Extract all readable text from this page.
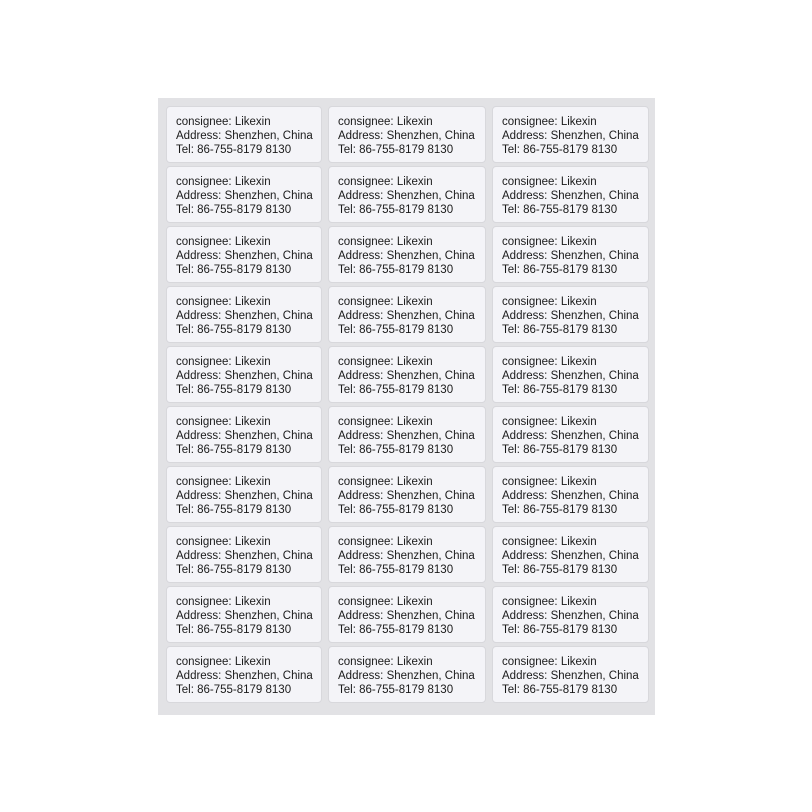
consignee: Likexin
Address: Shenzhen, China
Tel: 86-755-8179 8130
consignee: Likexin
Address: Shenzhen, China
Tel: 86-755-8179 8130
consignee: Likexin
Address: Shenzhen, China
Tel: 86-755-8179 8130
consignee: Likexin
Address: Shenzhen, China
Tel: 86-755-8179 8130
consignee: Likexin
Address: Shenzhen, China
Tel: 86-755-8179 8130
consignee: Likexin
Address: Shenzhen, China
Tel: 86-755-8179 8130
consignee: Likexin
Address: Shenzhen, China
Tel: 86-755-8179 8130
consignee: Likexin
Address: Shenzhen, China
Tel: 86-755-8179 8130
consignee: Likexin
Address: Shenzhen, China
Tel: 86-755-8179 8130
consignee: Likexin
Address: Shenzhen, China
Tel: 86-755-8179 8130
consignee: Likexin
Address: Shenzhen, China
Tel: 86-755-8179 8130
consignee: Likexin
Address: Shenzhen, China
Tel: 86-755-8179 8130
consignee: Likexin
Address: Shenzhen, China
Tel: 86-755-8179 8130
consignee: Likexin
Address: Shenzhen, China
Tel: 86-755-8179 8130
consignee: Likexin
Address: Shenzhen, China
Tel: 86-755-8179 8130
consignee: Likexin
Address: Shenzhen, China
Tel: 86-755-8179 8130
consignee: Likexin
Address: Shenzhen, China
Tel: 86-755-8179 8130
consignee: Likexin
Address: Shenzhen, China
Tel: 86-755-8179 8130
consignee: Likexin
Address: Shenzhen, China
Tel: 86-755-8179 8130
consignee: Likexin
Address: Shenzhen, China
Tel: 86-755-8179 8130
consignee: Likexin
Address: Shenzhen, China
Tel: 86-755-8179 8130
consignee: Likexin
Address: Shenzhen, China
Tel: 86-755-8179 8130
consignee: Likexin
Address: Shenzhen, China
Tel: 86-755-8179 8130
consignee: Likexin
Address: Shenzhen, China
Tel: 86-755-8179 8130
consignee: Likexin
Address: Shenzhen, China
Tel: 86-755-8179 8130
consignee: Likexin
Address: Shenzhen, China
Tel: 86-755-8179 8130
consignee: Likexin
Address: Shenzhen, China
Tel: 86-755-8179 8130
consignee: Likexin
Address: Shenzhen, China
Tel: 86-755-8179 8130
consignee: Likexin
Address: Shenzhen, China
Tel: 86-755-8179 8130
consignee: Likexin
Address: Shenzhen, China
Tel: 86-755-8179 8130
